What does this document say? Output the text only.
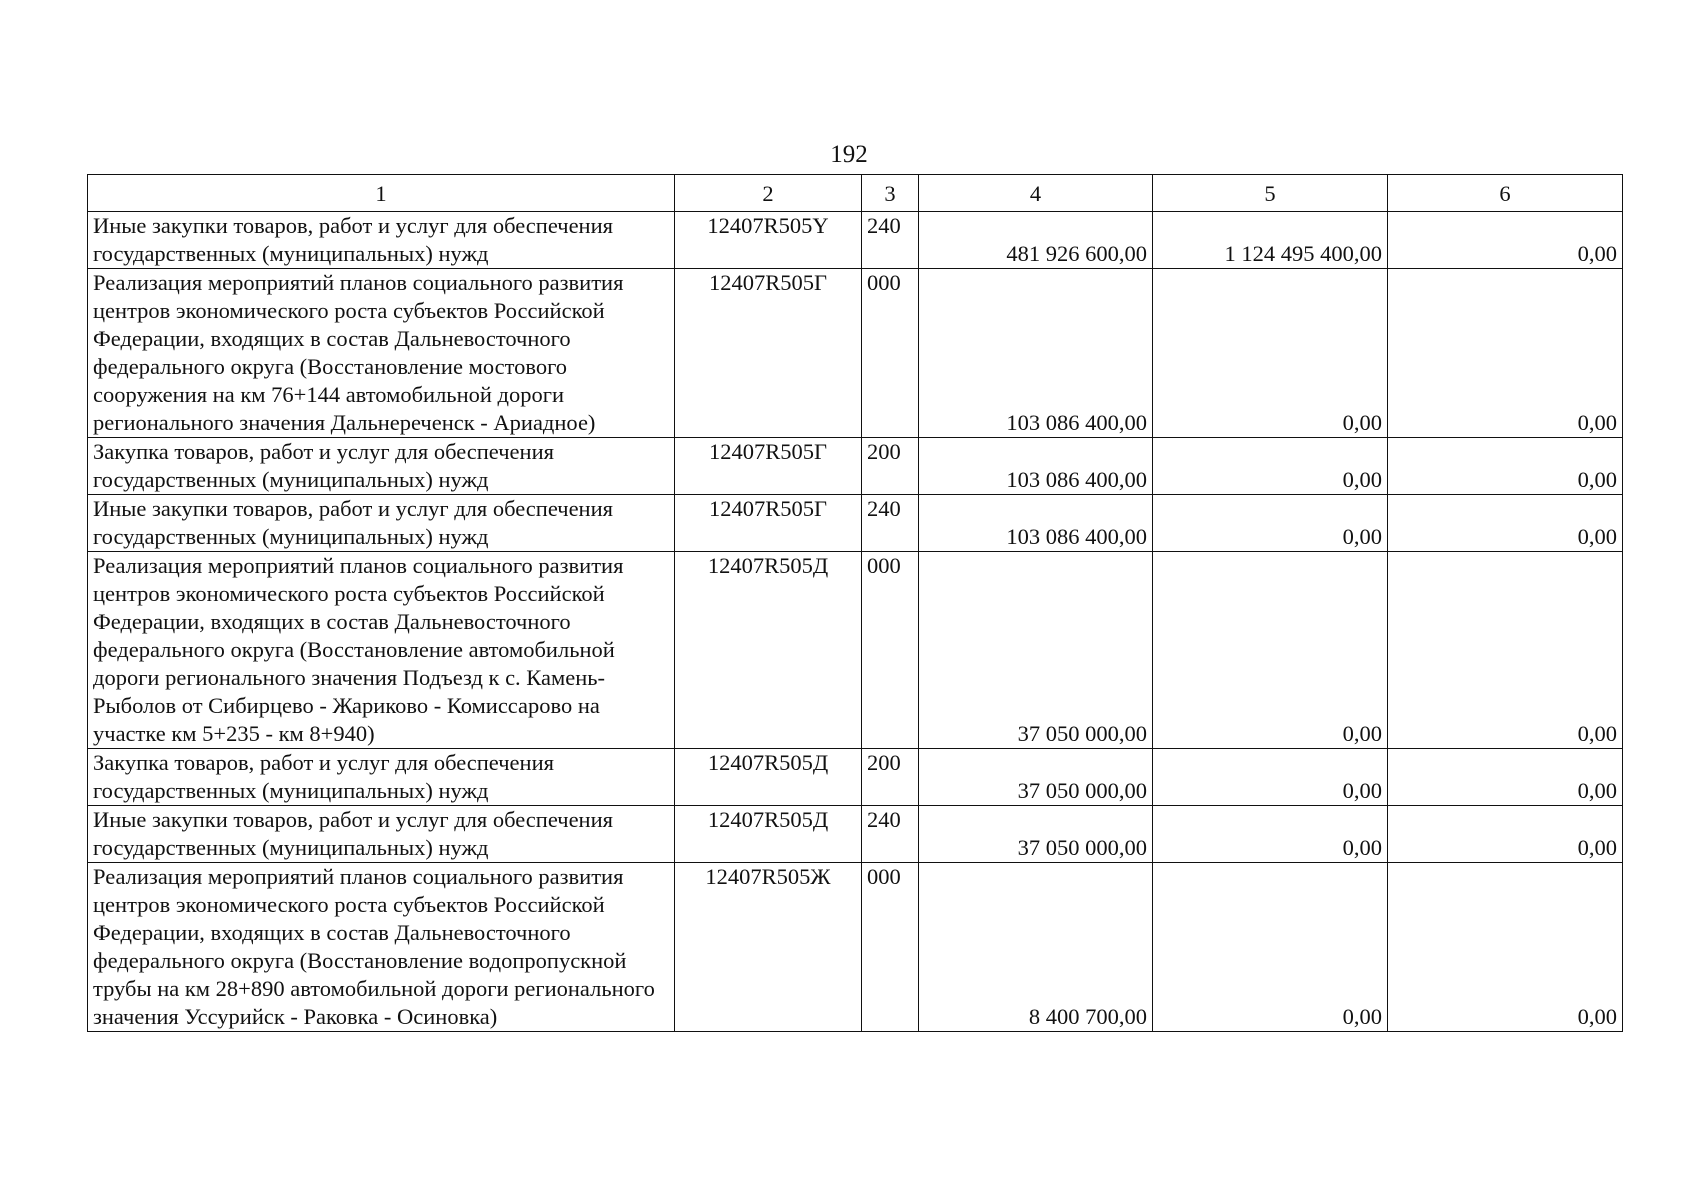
192
1	2	3	4	5	6
Иные закупки товаров, работ и услуг для обеспечения государственных (муниципальных) нужд	12407R505Y	240	481 926 600,00	1 124 495 400,00	0,00
Реализация мероприятий планов социального развития центров экономического роста субъектов Российской Федерации, входящих в состав Дальневосточного федерального округа (Восстановление мостового сооружения на км 76+144 автомобильной дороги регионального значения Дальнереченск - Ариадное)	12407R505Г	000	103 086 400,00	0,00	0,00
Закупка товаров, работ и услуг для обеспечения государственных (муниципальных) нужд	12407R505Г	200	103 086 400,00	0,00	0,00
Иные закупки товаров, работ и услуг для обеспечения государственных (муниципальных) нужд	12407R505Г	240	103 086 400,00	0,00	0,00
Реализация мероприятий планов социального развития центров экономического роста субъектов Российской Федерации, входящих в состав Дальневосточного федерального округа (Восстановление автомобильной дороги регионального значения Подъезд к с. Камень-Рыболов от Сибирцево - Жариково - Комиссарово на участке км 5+235 - км 8+940)	12407R505Д	000	37 050 000,00	0,00	0,00
Закупка товаров, работ и услуг для обеспечения государственных (муниципальных) нужд	12407R505Д	200	37 050 000,00	0,00	0,00
Иные закупки товаров, работ и услуг для обеспечения государственных (муниципальных) нужд	12407R505Д	240	37 050 000,00	0,00	0,00
Реализация мероприятий планов социального развития центров экономического роста субъектов Российской Федерации, входящих в состав Дальневосточного федерального округа (Восстановление водопропускной трубы на км 28+890 автомобильной дороги регионального значения Уссурийск - Раковка - Осиновка)	12407R505Ж	000	8 400 700,00	0,00	0,00
